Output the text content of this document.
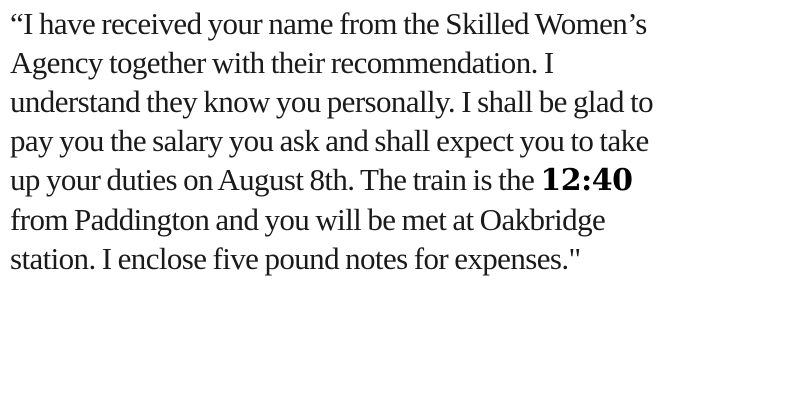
“I have received your name from the Skilled Women’s
Agency together with their recommendation. I
understand they know you personally. I shall be glad to
pay you the salary you ask and shall expect you to take
up your duties on August 8th. The train is the 12:40
from Paddington and you will be met at Oakbridge
station. I enclose five pound notes for expenses."
